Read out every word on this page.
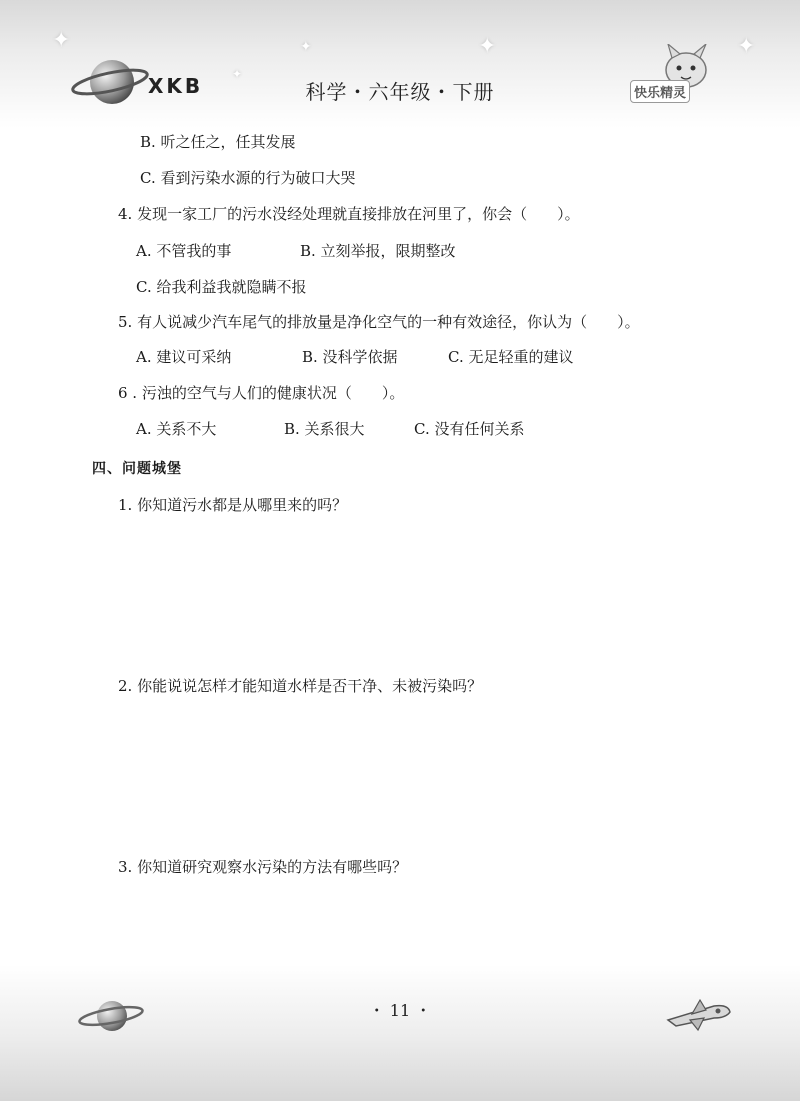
✦	✦	✦
✦
✦
XKB	科学・六年级・下册	快乐精灵
B. 听之任之，任其发展
C. 看到污染水源的行为破口大哭
4. 发现一家工厂的污水没经处理就直接排放在河里了，你会（　　）。
A. 不管我的事	B. 立刻举报，限期整改
C. 给我利益我就隐瞒不报
5. 有人说减少汽车尾气的排放量是净化空气的一种有效途径，你认为（　　）。
A. 建议可采纳	B. 没科学依据	C. 无足轻重的建议
6 . 污浊的空气与人们的健康状况（　　）。
A. 关系不大	B. 关系很大	C. 没有任何关系
四、问题城堡
1. 你知道污水都是从哪里来的吗？
2. 你能说说怎样才能知道水样是否干净、未被污染吗？
3. 你知道研究观察水污染的方法有哪些吗？
・ 11 ・
